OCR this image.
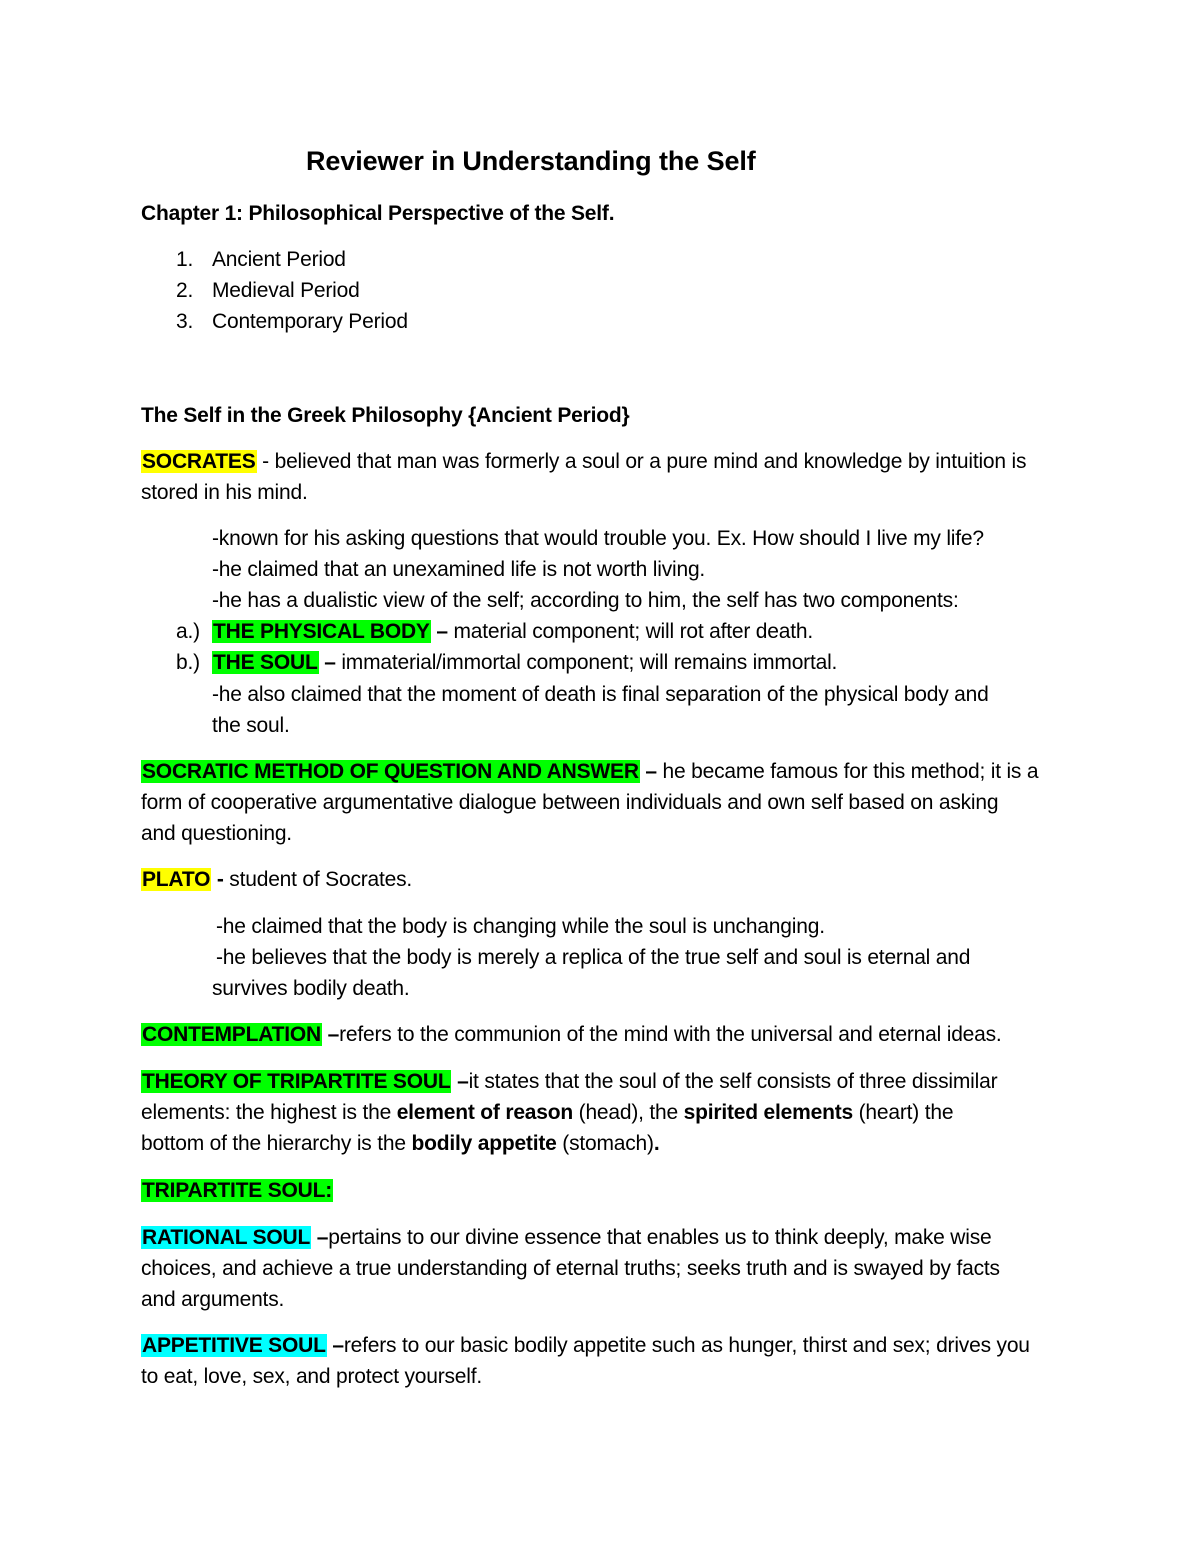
Reviewer in Understanding the Self
Chapter 1: Philosophical Perspective of the Self.
1. Ancient Period
2. Medieval Period
3. Contemporary Period
The Self in the Greek Philosophy {Ancient Period}
SOCRATES - believed that man was formerly a soul or a pure mind and knowledge by intuition is
stored in his mind.
-known for his asking questions that would trouble you. Ex. How should I live my life?
-he claimed that an unexamined life is not worth living.
-he has a dualistic view of the self; according to him, the self has two components:
a.) THE PHYSICAL BODY – material component; will rot after death.
b.) THE SOUL – immaterial/immortal component; will remains immortal.
-he also claimed that the moment of death is final separation of the physical body and
the soul.
SOCRATIC METHOD OF QUESTION AND ANSWER – he became famous for this method; it is a
form of cooperative argumentative dialogue between individuals and own self based on asking
and questioning.
PLATO - student of Socrates.
-he claimed that the body is changing while the soul is unchanging.
-he believes that the body is merely a replica of the true self and soul is eternal and
survives bodily death.
CONTEMPLATION –refers to the communion of the mind with the universal and eternal ideas.
THEORY OF TRIPARTITE SOUL –it states that the soul of the self consists of three dissimilar
elements: the highest is the element of reason (head), the spirited elements (heart) the
bottom of the hierarchy is the bodily appetite (stomach).
TRIPARTITE SOUL:
RATIONAL SOUL –pertains to our divine essence that enables us to think deeply, make wise
choices, and achieve a true understanding of eternal truths; seeks truth and is swayed by facts
and arguments.
APPETITIVE SOUL –refers to our basic bodily appetite such as hunger, thirst and sex; drives you
to eat, love, sex, and protect yourself.
